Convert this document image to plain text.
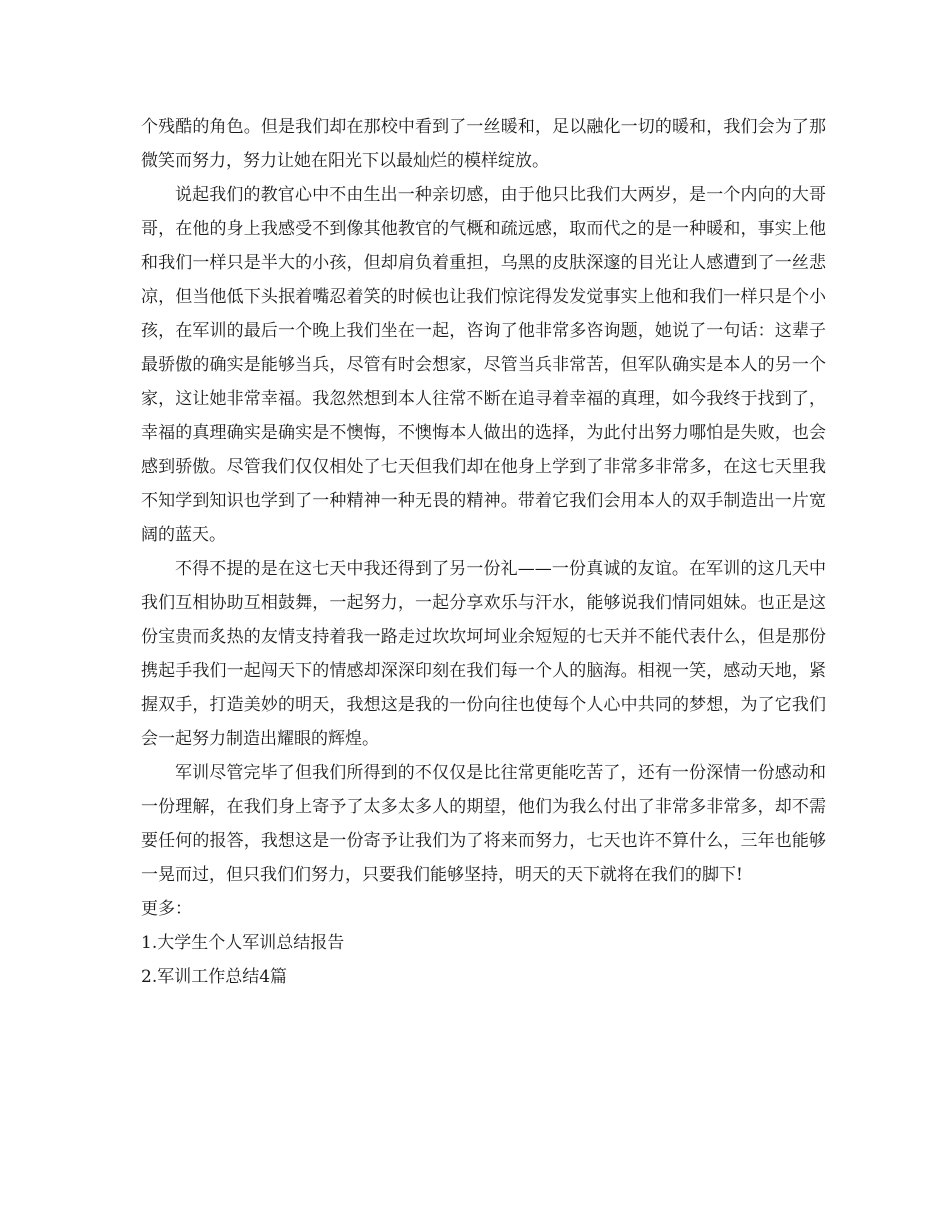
个残酷的角色。但是我们却在那校中看到了一丝暖和，足以融化一切的暖和，我们会为了那微笑而努力，努力让她在阳光下以最灿烂的模样绽放。

说起我们的教官心中不由生出一种亲切感，由于他只比我们大两岁，是一个内向的大哥哥，在他的身上我感受不到像其他教官的气概和疏远感，取而代之的是一种暖和，事实上他和我们一样只是半大的小孩，但却肩负着重担，乌黑的皮肤深邃的目光让人感遭到了一丝悲凉，但当他低下头抿着嘴忍着笑的时候也让我们惊诧得发发觉事实上他和我们一样只是个小孩，在军训的最后一个晚上我们坐在一起，咨询了他非常多咨询题，她说了一句话：这辈子最骄傲的确实是能够当兵，尽管有时会想家，尽管当兵非常苦，但军队确实是本人的另一个家，这让她非常幸福。我忽然想到本人往常不断在追寻着幸福的真理，如今我终于找到了，幸福的真理确实是确实是不懊悔，不懊悔本人做出的选择，为此付出努力哪怕是失败，也会感到骄傲。尽管我们仅仅相处了七天但我们却在他身上学到了非常多非常多，在这七天里我不知学到知识也学到了一种精神一种无畏的精神。带着它我们会用本人的双手制造出一片宽阔的蓝天。

不得不提的是在这七天中我还得到了另一份礼——一份真诚的友谊。在军训的这几天中我们互相协助互相鼓舞，一起努力，一起分享欢乐与汗水，能够说我们情同姐妹。也正是这份宝贵而炙热的友情支持着我一路走过坎坎坷坷业余短短的七天并不能代表什么，但是那份携起手我们一起闯天下的情感却深深印刻在我们每一个人的脑海。相视一笑，感动天地，紧握双手，打造美妙的明天，我想这是我的一份向往也使每个人心中共同的梦想，为了它我们会一起努力制造出耀眼的辉煌。

军训尽管完毕了但我们所得到的不仅仅是比往常更能吃苦了，还有一份深情一份感动和一份理解，在我们身上寄予了太多太多人的期望，他们为我么付出了非常多非常多，却不需要任何的报答，我想这是一份寄予让我们为了将来而努力，七天也许不算什么，三年也能够一晃而过，但只我们们努力，只要我们能够坚持，明天的天下就将在我们的脚下!

更多：

1.大学生个人军训总结报告

2.军训工作总结4篇
